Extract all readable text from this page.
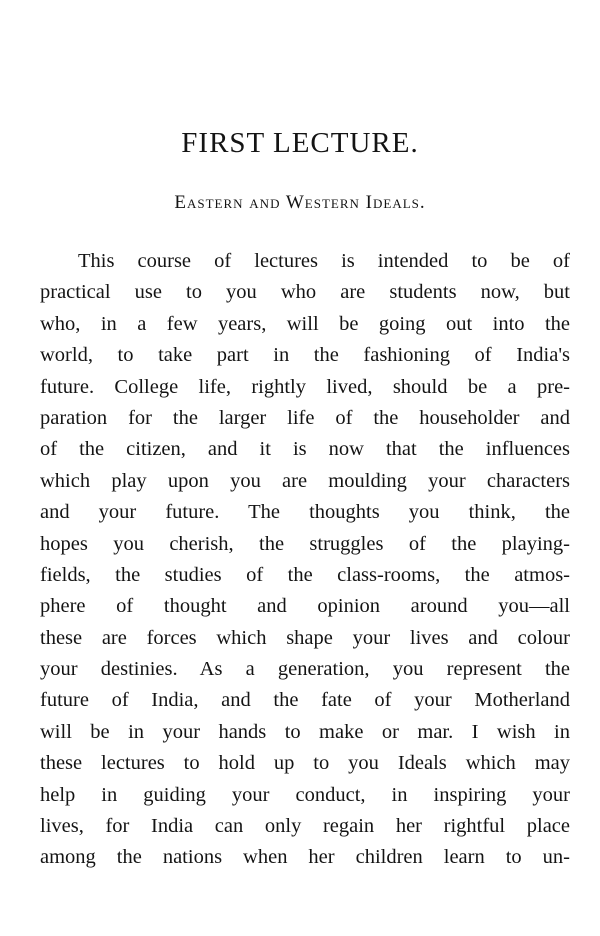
FIRST LECTURE.
Eastern and Western Ideals.
This course of lectures is intended to be of
practical use to you who are students now, but
who, in a few years, will be going out into the
world, to take part in the fashioning of India's
future. College life, rightly lived, should be a pre-
paration for the larger life of the householder and
of the citizen, and it is now that the influences
which play upon you are moulding your characters
and your future. The thoughts you think, the
hopes you cherish, the struggles of the playing-
fields, the studies of the class-rooms, the atmos-
phere of thought and opinion around you—all
these are forces which shape your lives and colour
your destinies. As a generation, you represent the
future of India, and the fate of your Motherland
will be in your hands to make or mar. I wish in
these lectures to hold up to you Ideals which may
help in guiding your conduct, in inspiring your
lives, for India can only regain her rightful place
among the nations when her children learn to un-
